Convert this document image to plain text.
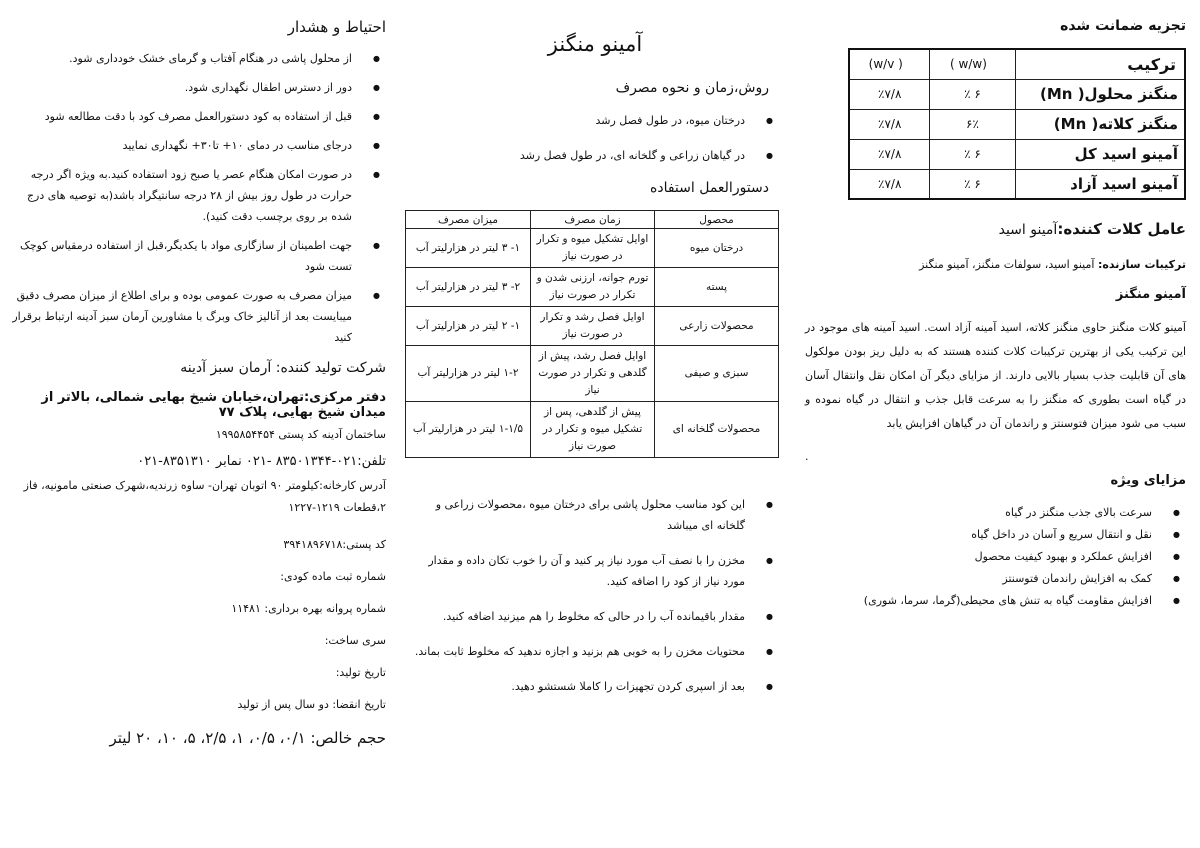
احتیاط و هشدار
● از محلول پاشی در هنگام آفتاب و گرمای خشک خودداری شود.
● دور از دسترس اطفال نگهداری شود.
● قبل از استفاده به کود دستورالعمل مصرف کود با دقت مطالعه شود
● درجای مناسب در دمای ۱۰+ تا۳۰+ نگهداری نمایید
● در صورت امکان هنگام عصر یا صبح زود استفاده کنید.به ویژه اگر درجه حرارت در طول روز بیش از ۲۸ درجه سانتیگراد باشد(به توصیه های درج شده بر روی برچسب دقت کنید).
● جهت اطمینان از سازگاری مواد با یکدیگر،قبل از استفاده درمقیاس کوچک تست شود
● میزان مصرف به صورت عمومی بوده و برای اطلاع از میزان مصرف دقیق میبایست بعد از آنالیز خاک وبرگ با مشاورین آرمان سبز آدینه ارتباط برقرار کنید
شرکت تولید کننده: آرمان سبز آدینه
دفتر مرکزی:تهران،خیابان شیخ بهایی شمالی، بالاتر از میدان شیخ بهایی، پلاک ۷۷
ساختمان آدینه کد پستی ۱۹۹۵۸۵۴۴۵۴
تلفن:۰۲۱-۸۳۵۰۱۳۴۴ -۰۲۱ نمابر ۸۳۵۱۳۱۰-۰۲۱
آدرس کارخانه:کیلومتر ۹۰ اتوبان تهران- ساوه زرندیه،شهرک صنعتی مامونیه، فاز ۲،قطعات ۱۲۱۹-۱۲۲۷
کد پستی:۳۹۴۱۸۹۶۷۱۸
شماره ثبت ماده کودی:
شماره پروانه بهره برداری: ۱۱۴۸۱
سری ساخت:
تاریخ تولید:
تاریخ انقضا: دو سال پس از تولید
حجم خالص: ۰/۱، ۰/۵، ۱، ۲/۵، ۵، ۱۰، ۲۰ لیتر
آمینو منگنز
روش،زمان و نحوه مصرف
● درختان میوه، در طول فصل رشد
● در گیاهان زراعی و گلخانه ای، در طول فصل رشد
دستورالعمل استفاده
محصول	زمان مصرف	میزان مصرف
درختان میوه	اوایل تشکیل میوه و تکرار در صورت نیاز	۱- ۳ لیتر در هزارلیتر آب
پسته	تورم جوانه، ارزنی شدن و تکرار در صورت نیاز	۲- ۳ لیتر در هزارلیتر آب
محصولات زارعی	اوایل فصل رشد و تکرار در صورت نیاز	۱- ۲ لیتر در هزارلیتر آب
سبزی و صیفی	اوایل فصل رشد، پیش از گلدهی و تکرار در صورت نیاز	۱-۲ لیتر در هزارلیتر آب
محصولات گلخانه ای	پیش از گلدهی، پس از تشکیل میوه و تکرار در صورت نیاز	۱-۱/۵ لیتر در هزارلیتر آب
● این کود مناسب محلول پاشی برای درختان میوه ،محصولات زراعی و گلخانه ای میباشد
● مخزن را با نصف آب مورد نیاز پر کنید و آن را خوب تکان داده و مقدار مورد نیاز از کود را اضافه کنید.
● مقدار باقیمانده آب را در حالی که مخلوط را هم میزنید اضافه کنید.
● محتویات مخزن را به خوبی هم بزنید و اجازه ندهید که مخلوط ثابت بماند.
● بعد از اسپری کردن تجهیزات را کاملا شستشو دهید.
تجزیه ضمانت شده
ترکیب	(w/w )	( w/v)
منگنز محلول( Mn)	۶ ٪	٪۷/۸
منگنز کلاته( Mn)	۶٪	٪۷/۸
آمینو اسید کل	۶ ٪	٪۷/۸
آمینو اسید آزاد	۶ ٪	٪۷/۸
عامل کلات کننده:آمینو اسید
ترکیبات سازنده: آمینو اسید، سولفات منگنز، آمینو منگنز
آمینو منگنز

آمینو کلات منگنز حاوی منگنز کلاته، اسید آمینه آزاد است. اسید آمینه های موجود در این ترکیب یکی از بهترین ترکیبات کلات کننده هستند که به دلیل ریز بودن مولکول های آن قابلیت جذب بسیار بالایی دارند. از مزایای دیگر آن امکان نقل وانتقال آسان در گیاه است بطوری که منگنز را به سرعت قابل جذب و انتقال در گیاه نموده و سبب می شود میزان فتوسنتز و راندمان آن در گیاهان افزایش یابد

.
مزایای ویژه
● سرعت بالای جذب منگنز در گیاه
● نقل و انتقال سریع و آسان در داخل گیاه
● افزایش عملکرد و بهبود کیفیت محصول
● کمک به افزایش راندمان فتوسنتز
● افزایش مقاومت گیاه به تنش های محیطی(گرما، سرما، شوری)
